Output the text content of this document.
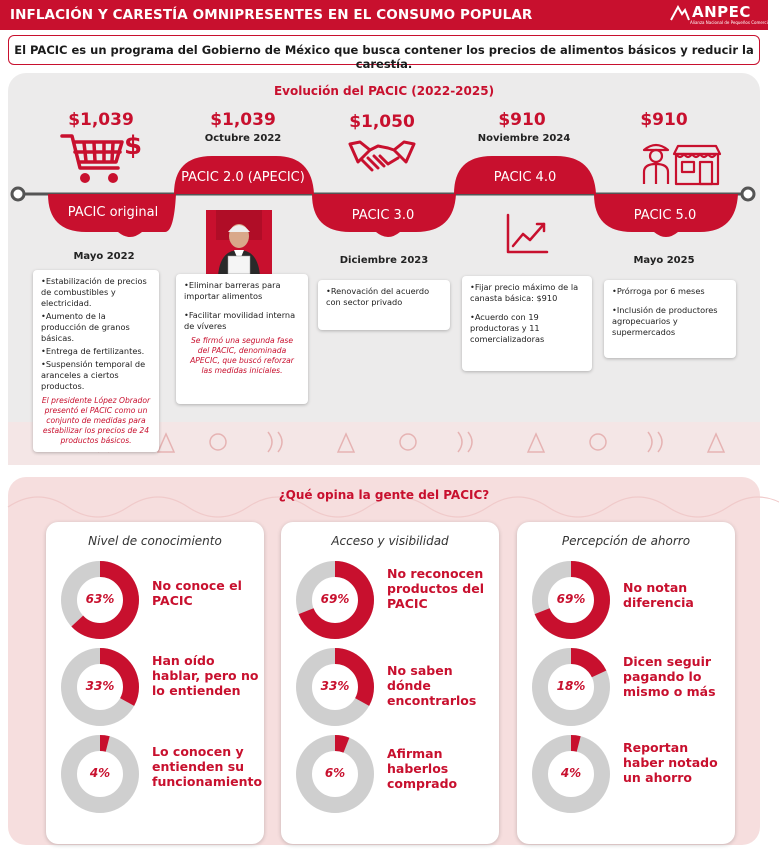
INFLACIÓN Y CARESTÍA OMNIPRESENTES EN EL CONSUMO POPULAR	ANPEC
Alianza Nacional de Pequeños Comerciantes
El PACIC es un programa del Gobierno de México que busca contener los precios de alimentos básicos y reducir la carestía.
Evolución del PACIC (2022-2025)
PACIC original
PACIC 2.0 (APECIC)
PACIC 3.0
PACIC 4.0
PACIC 5.0
$1,039	$1,039	$1,050	$910	$910
Mayo 2022
Octubre 2022
Diciembre 2023
Noviembre 2024
Mayo 2025
$
•Estabilización de precios de combustibles y electricidad.
•Aumento de la producción de granos básicas.
•Entrega de fertilizantes.
•Suspensión temporal de aranceles a ciertos productos.
El presidente López Obrador presentó el PACIC como un conjunto de medidas para estabilizar los precios de 24 productos básicos.
•Eliminar barreras para importar alimentos
•Facilitar movilidad interna de víveres
Se firmó una segunda fase del PACIC, denominada APECIC, que buscó reforzar las medidas iniciales.
•Renovación del acuerdo con sector privado
•Fijar precio máximo de la canasta básica: $910
•Acuerdo con 19 productoras y 11 comercializadoras
•Prórroga por 6 meses
•Inclusión de productores agropecuarios y supermercados
¿Qué opina la gente del PACIC?
Nivel de conocimiento
63%
No conoce el PACIC
33%
Han oído hablar, pero no lo entienden
4%
Lo conocen y entienden su funcionamiento
Acceso y visibilidad
69%
No reconocen productos del PACIC
33%
No saben dónde encontrarlos
6%
Afirman haberlos comprado
Percepción de ahorro
69%
No notan diferencia
18%
Dicen seguir pagando lo mismo o más
4%
Reportan haber notado un ahorro
